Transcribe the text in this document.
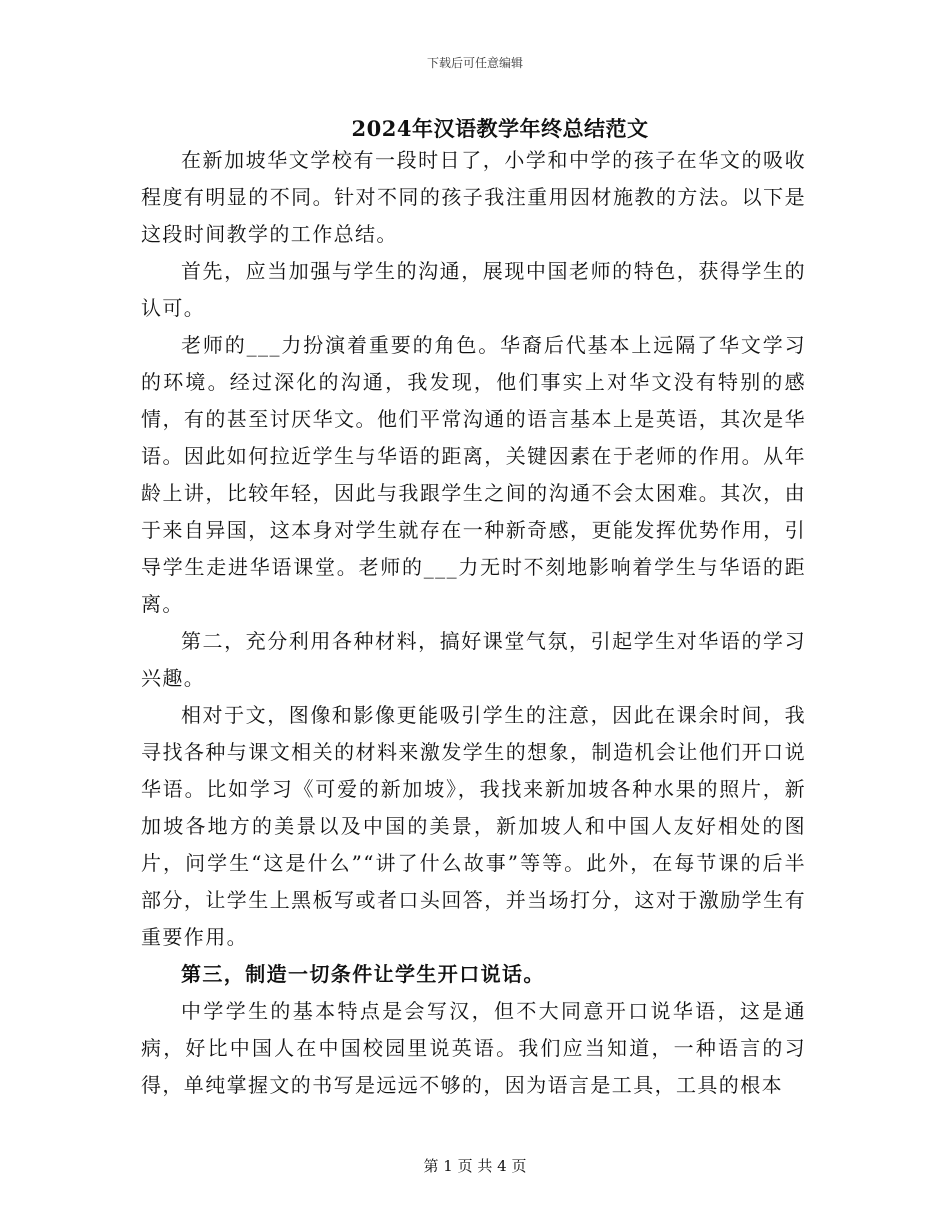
下载后可任意编辑
2024年汉语教学年终总结范文

在新加坡华文学校有一段时日了，小学和中学的孩子在华文的吸收程度有明显的不同。针对不同的孩子我注重用因材施教的方法。以下是这段时间教学的工作总结。

首先，应当加强与学生的沟通，展现中国老师的特色，获得学生的认可。

老师的___力扮演着重要的角色。华裔后代基本上远隔了华文学习的环境。经过深化的沟通，我发现，他们事实上对华文没有特别的感情，有的甚至讨厌华文。他们平常沟通的语言基本上是英语，其次是华语。因此如何拉近学生与华语的距离，关键因素在于老师的作用。从年龄上讲，比较年轻，因此与我跟学生之间的沟通不会太困难。其次，由于来自异国，这本身对学生就存在一种新奇感，更能发挥优势作用，引导学生走进华语课堂。老师的___力无时不刻地影响着学生与华语的距离。

第二，充分利用各种材料，搞好课堂气氛，引起学生对华语的学习兴趣。

相对于文，图像和影像更能吸引学生的注意，因此在课余时间，我寻找各种与课文相关的材料来激发学生的想象，制造机会让他们开口说华语。比如学习《可爱的新加坡》，我找来新加坡各种水果的照片，新加坡各地方的美景以及中国的美景，新加坡人和中国人友好相处的图片，问学生“这是什么”“讲了什么故事”等等。此外，在每节课的后半部分，让学生上黑板写或者口头回答，并当场打分，这对于激励学生有重要作用。

第三，制造一切条件让学生开口说话。

中学学生的基本特点是会写汉，但不大同意开口说华语，这是通病，好比中国人在中国校园里说英语。我们应当知道，一种语言的习得，单纯掌握文的书写是远远不够的，因为语言是工具，工具的根本

第 1 页 共 4 页
